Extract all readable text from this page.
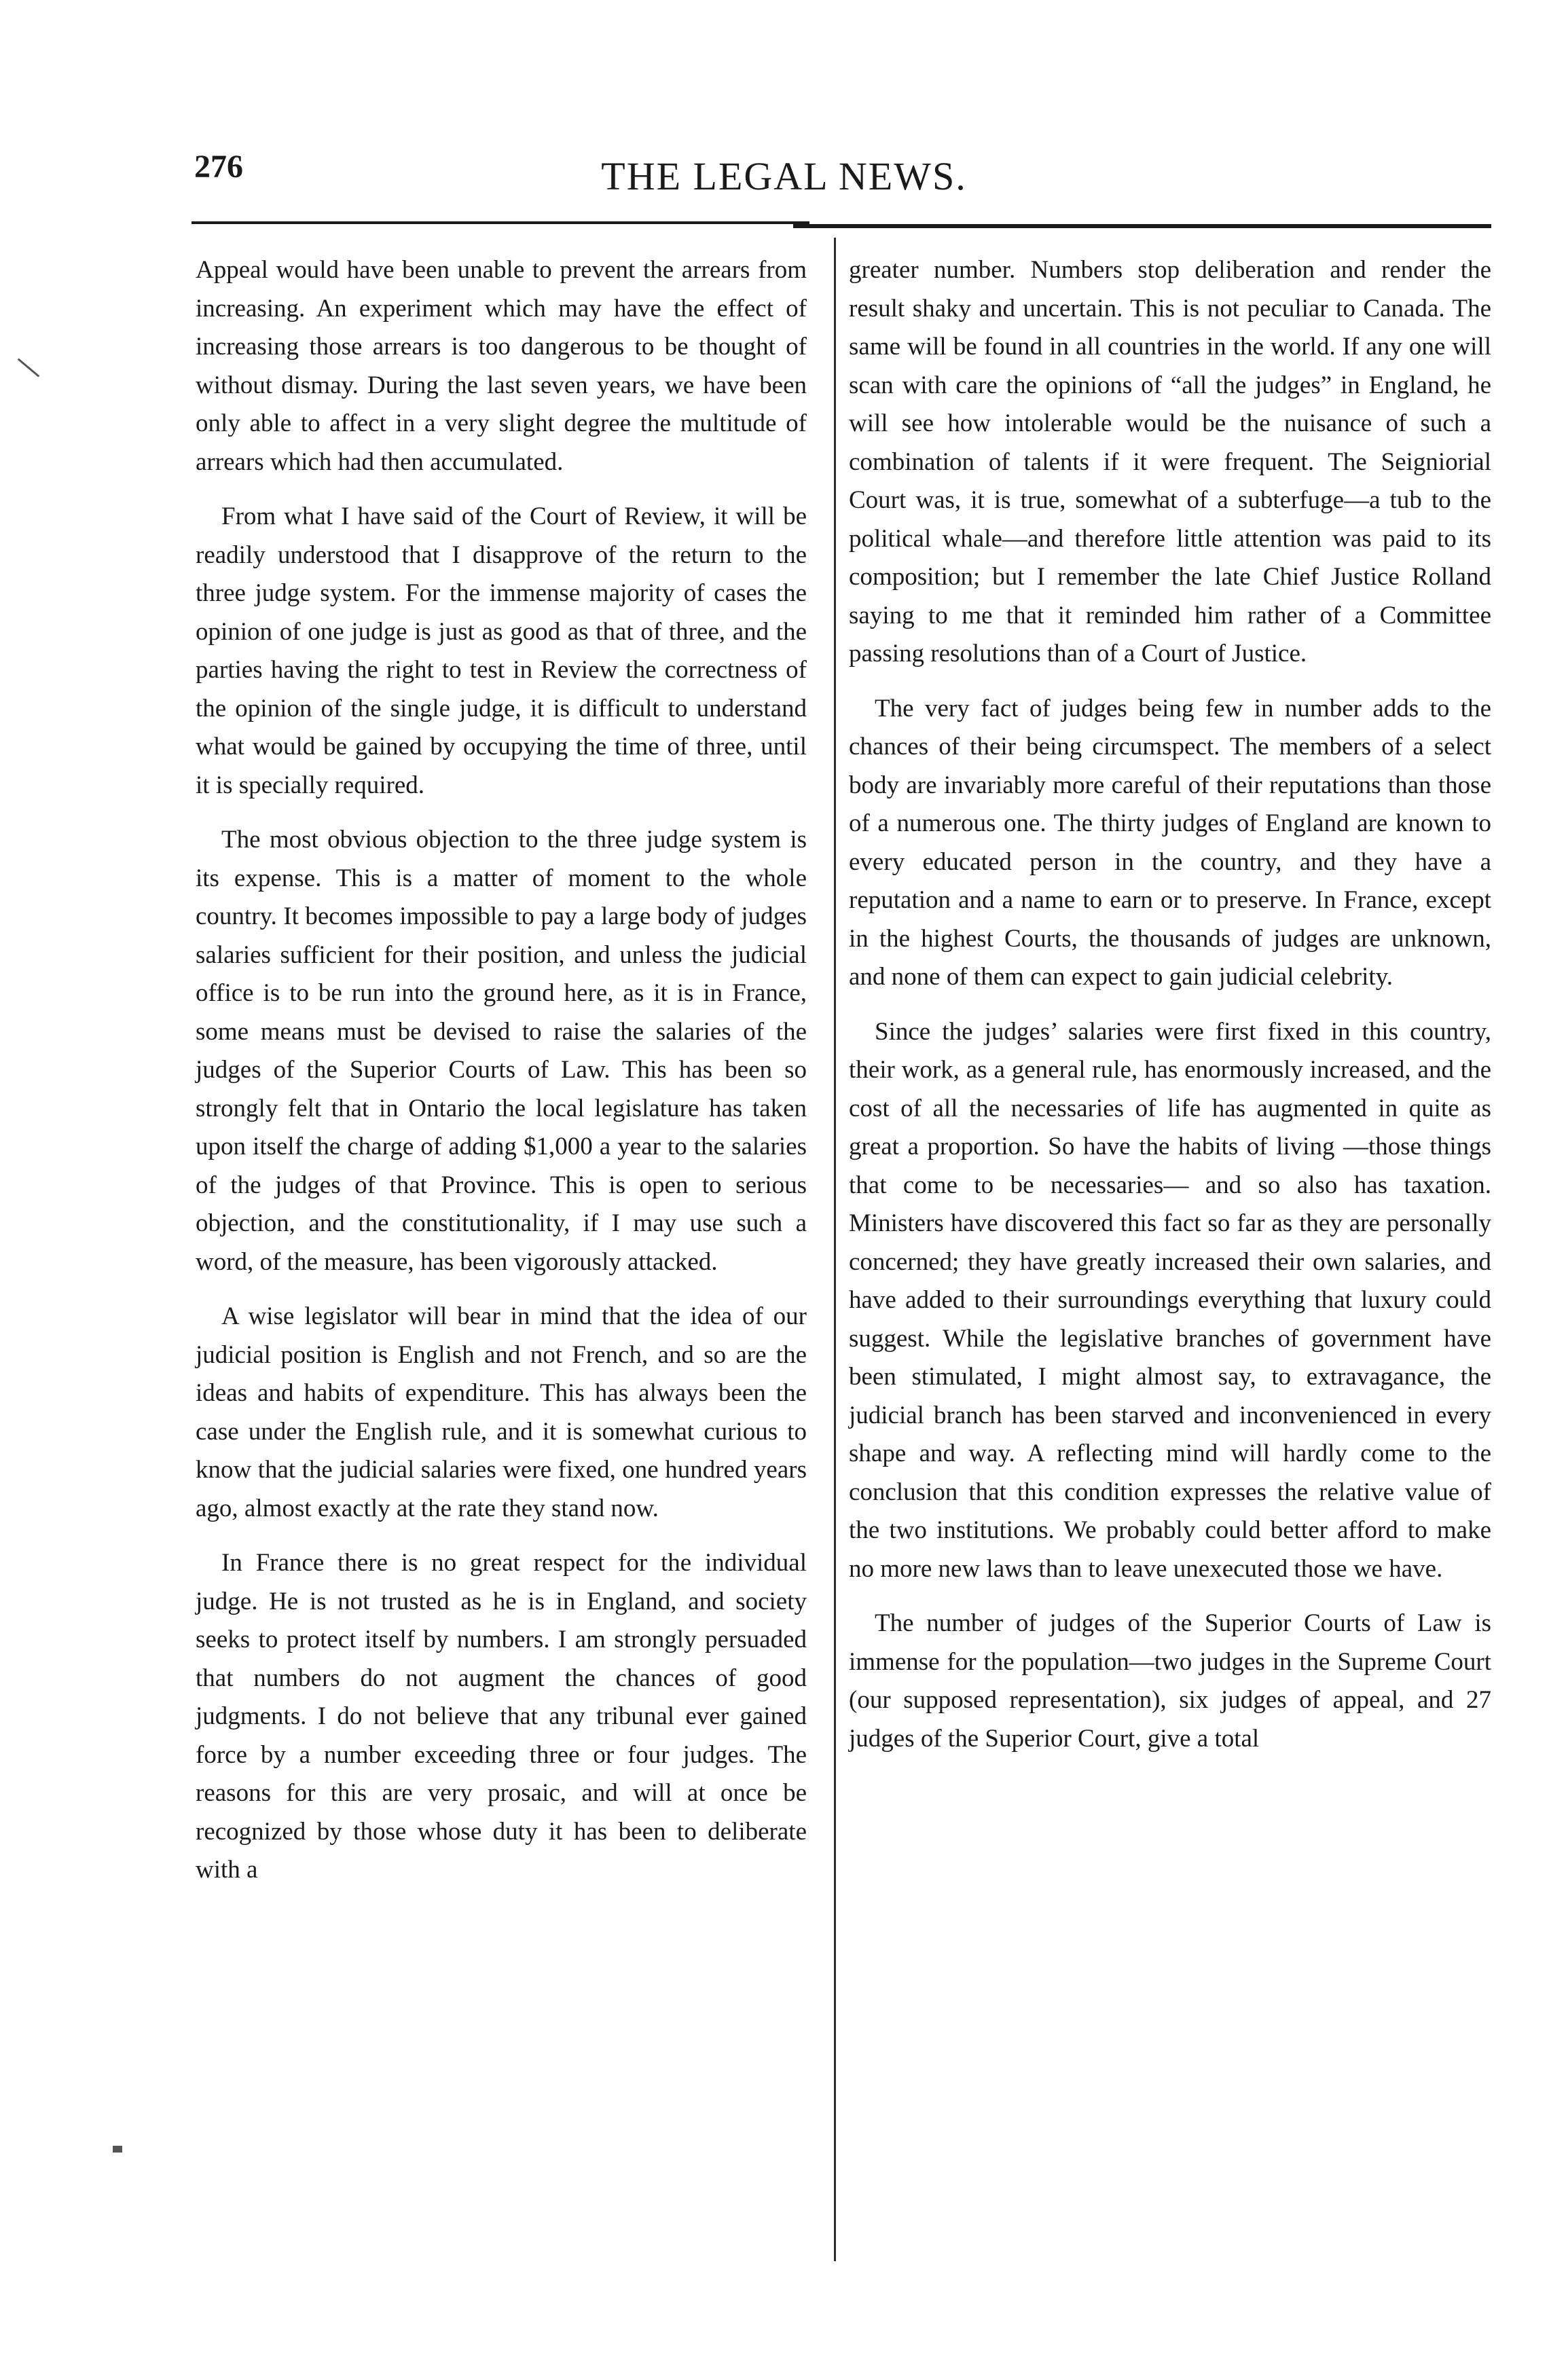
276	THE LEGAL NEWS.

Appeal would have been unable to prevent the arrears from increasing. An experiment which may have the effect of increasing those arrears is too dangerous to be thought of without dismay. During the last seven years, we have been only able to affect in a very slight degree the multitude of arrears which had then accumulated.

From what I have said of the Court of Review, it will be readily understood that I disapprove of the return to the three judge system. For the immense majority of cases the opinion of one judge is just as good as that of three, and the parties having the right to test in Review the correctness of the opinion of the single judge, it is difficult to understand what would be gained by occupying the time of three, until it is specially required.

The most obvious objection to the three judge system is its expense. This is a matter of moment to the whole country. It becomes impossible to pay a large body of judges salaries sufficient for their position, and unless the judicial office is to be run into the ground here, as it is in France, some means must be devised to raise the salaries of the judges of the Superior Courts of Law. This has been so strongly felt that in Ontario the local legislature has taken upon itself the charge of adding $1,000 a year to the salaries of the judges of that Province. This is open to serious objection, and the constitutionality, if I may use such a word, of the measure, has been vigorously attacked.

A wise legislator will bear in mind that the idea of our judicial position is English and not French, and so are the ideas and habits of expenditure. This has always been the case under the English rule, and it is somewhat curious to know that the judicial salaries were fixed, one hundred years ago, almost exactly at the rate they stand now.

In France there is no great respect for the individual judge. He is not trusted as he is in England, and society seeks to protect itself by numbers. I am strongly persuaded that numbers do not augment the chances of good judgments. I do not believe that any tribunal ever gained force by a number exceeding three or four judges. The reasons for this are very prosaic, and will at once be recognized by those whose duty it has been to deliberate with a

greater number. Numbers stop deliberation and render the result shaky and uncertain. This is not peculiar to Canada. The same will be found in all countries in the world. If any one will scan with care the opinions of “all the judges” in England, he will see how intolerable would be the nuisance of such a combination of talents if it were frequent. The Seigniorial Court was, it is true, somewhat of a subterfuge—a tub to the political whale—and therefore little attention was paid to its composition; but I remember the late Chief Justice Rolland saying to me that it reminded him rather of a Committee passing resolutions than of a Court of Justice.

The very fact of judges being few in number adds to the chances of their being circumspect. The members of a select body are invariably more careful of their reputations than those of a numerous one. The thirty judges of England are known to every educated person in the country, and they have a reputation and a name to earn or to preserve. In France, except in the highest Courts, the thousands of judges are unknown, and none of them can expect to gain judicial celebrity.

Since the judges’ salaries were first fixed in this country, their work, as a general rule, has enormously increased, and the cost of all the necessaries of life has augmented in quite as great a proportion. So have the habits of living —those things that come to be necessaries— and so also has taxation. Ministers have discovered this fact so far as they are personally concerned; they have greatly increased their own salaries, and have added to their surroundings everything that luxury could suggest. While the legislative branches of government have been stimulated, I might almost say, to extravagance, the judicial branch has been starved and inconvenienced in every shape and way. A reflecting mind will hardly come to the conclusion that this condition expresses the relative value of the two institutions. We probably could better afford to make no more new laws than to leave unexecuted those we have.

The number of judges of the Superior Courts of Law is immense for the population—two judges in the Supreme Court (our supposed representation), six judges of appeal, and 27 judges of the Superior Court, give a total
